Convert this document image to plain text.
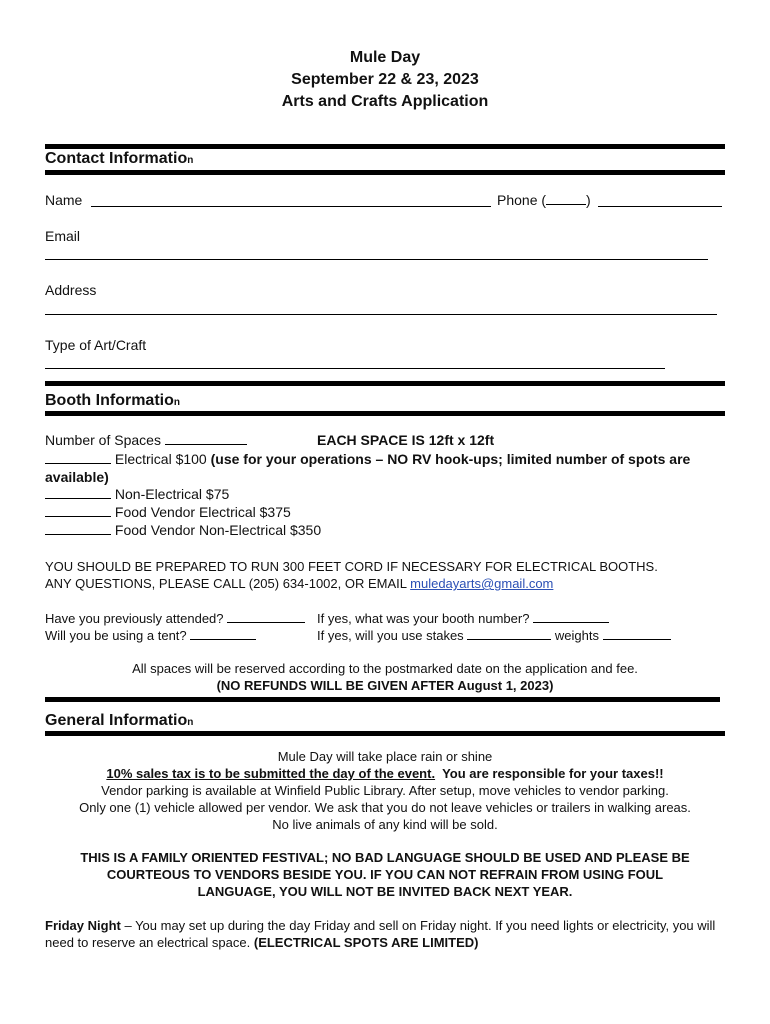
Mule Day
September 22 & 23, 2023
Arts and Crafts Application
Contact Information
Name	Phone (	)
Email
Address
Type of Art/Craft
Booth Information
Number of Spaces	EACH SPACE IS 12ft x 12ft
Electrical $100 (use for your operations – NO RV hook-ups; limited number of spots are available)
Non-Electrical $75
Food Vendor Electrical $375
Food Vendor Non-Electrical $350
YOU SHOULD BE PREPARED TO RUN 300 FEET CORD IF NECESSARY FOR ELECTRICAL BOOTHS.
ANY QUESTIONS, PLEASE CALL (205) 634-1002, OR EMAIL muledayarts@gmail.com
Have you previously attended?	If yes, what was your booth number?
Will you be using a tent?	If yes, will you use stakes	weights
All spaces will be reserved according to the postmarked date on the application and fee.
(NO REFUNDS WILL BE GIVEN AFTER August 1, 2023)
General Information
Mule Day will take place rain or shine
10% sales tax is to be submitted the day of the event. You are responsible for your taxes!!
Vendor parking is available at Winfield Public Library. After setup, move vehicles to vendor parking.
Only one (1) vehicle allowed per vendor. We ask that you do not leave vehicles or trailers in walking areas.
No live animals of any kind will be sold.
THIS IS A FAMILY ORIENTED FESTIVAL; NO BAD LANGUAGE SHOULD BE USED AND PLEASE BE
COURTEOUS TO VENDORS BESIDE YOU. IF YOU CAN NOT REFRAIN FROM USING FOUL
LANGUAGE, YOU WILL NOT BE INVITED BACK NEXT YEAR.
Friday Night – You may set up during the day Friday and sell on Friday night. If you need lights or electricity, you will need to reserve an electrical space. (ELECTRICAL SPOTS ARE LIMITED)
